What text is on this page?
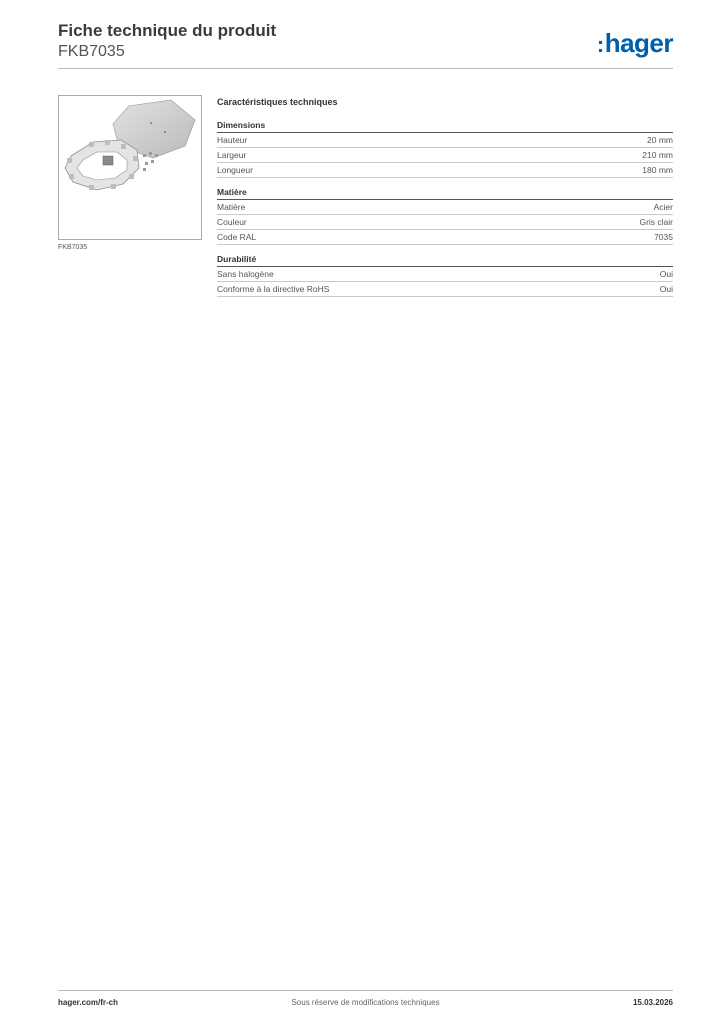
Fiche technique du produit
FKB7035	:hager
FKB7035
Caractéristiques techniques
Dimensions
Hauteur	20 mm
Largeur	210 mm
Longueur	180 mm
Matière
Matière	Acier
Couleur	Gris clair
Code RAL	7035
Durabilité
Sans halogène	Oui
Conforme à la directive RoHS	Oui
hager.com/fr-ch	Sous réserve de modifications techniques	15.03.2026
